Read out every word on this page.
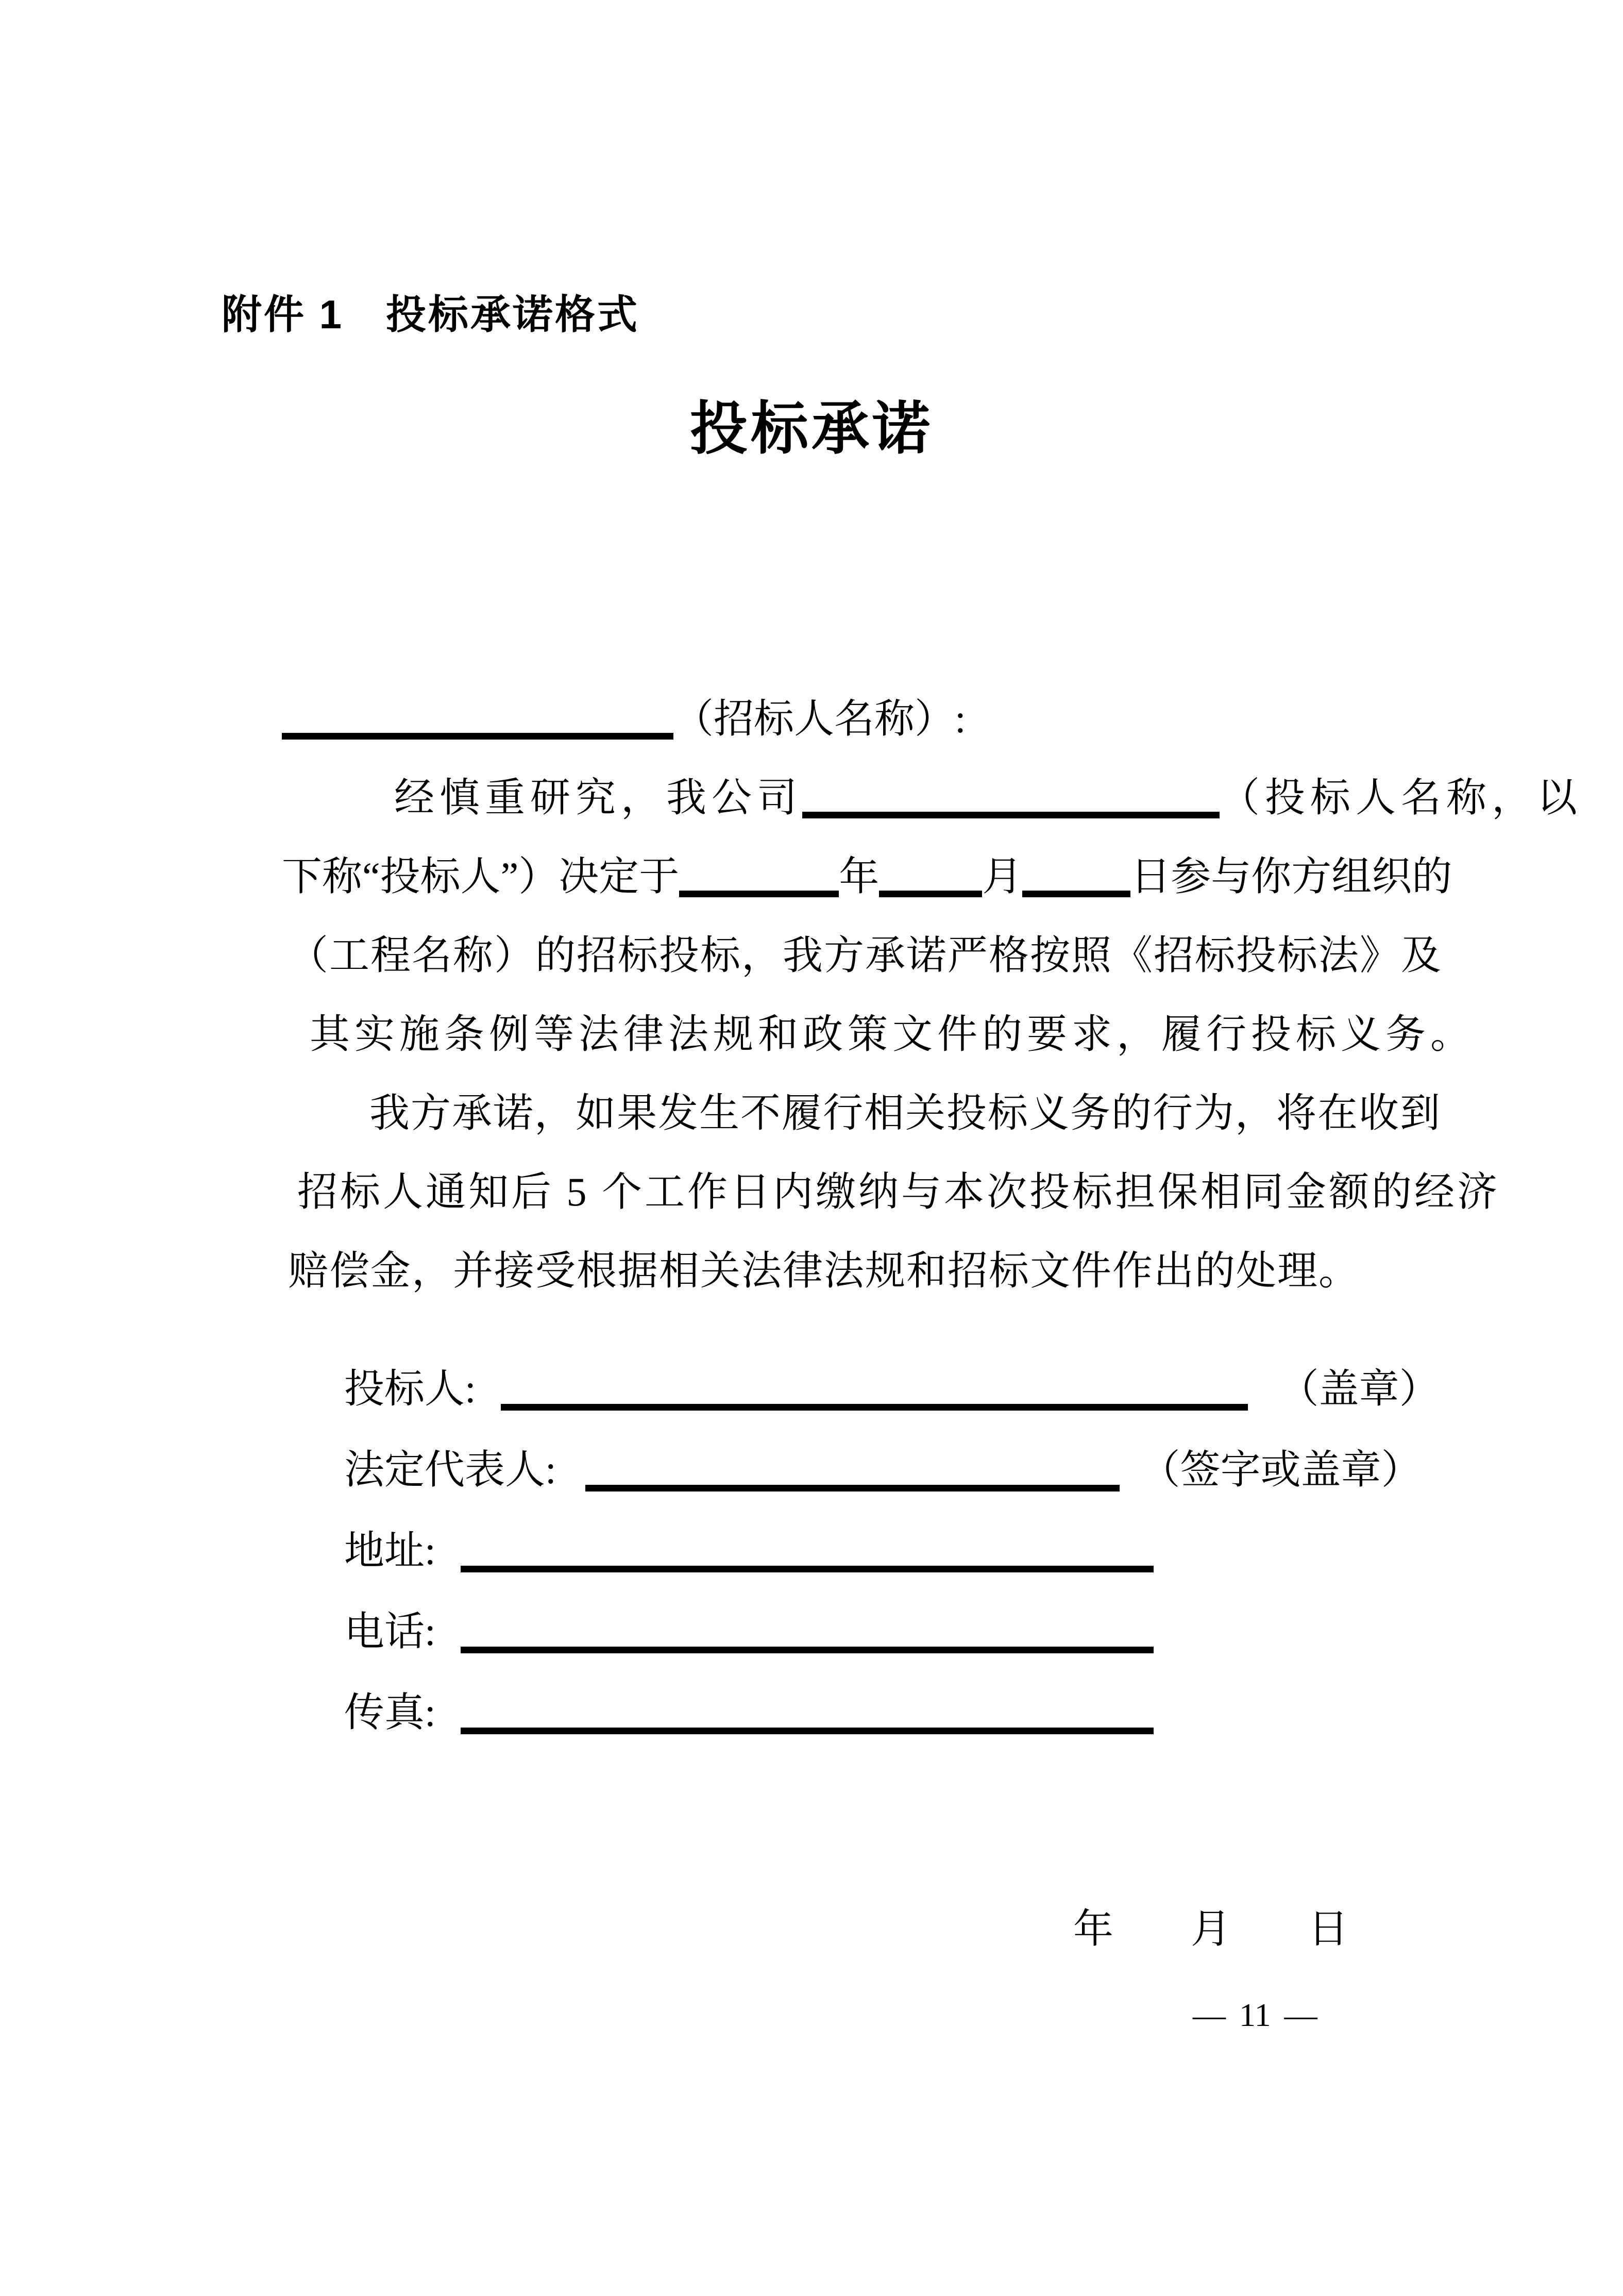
附件 1　投标承诺格式
投标承诺

（招标人名称）:

经慎重研究，我公司	（投标人名称，以

下称“投标人”）决定于	年	月	日参与你方组织的

（工程名称）的招标投标，我方承诺严格按照《招标投标法》及

其实施条例等法律法规和政策文件的要求，履行投标义务。

我方承诺，如果发生不履行相关投标义务的行为，将在收到

招标人通知后 5 个工作日内缴纳与本次投标担保相同金额的经济

赔偿金，并接受根据相关法律法规和招标文件作出的处理。

投标人:	（盖章）

法定代表人:	（签字或盖章）

地址:

电话:

传真:

年 月 日

— 11 —
